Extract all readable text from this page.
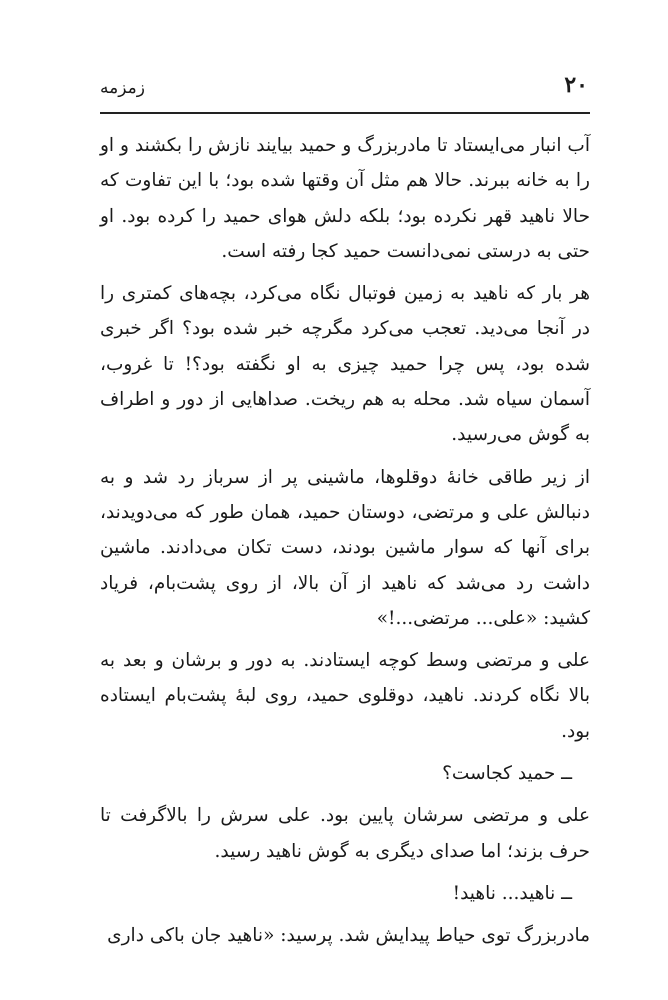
۲۰
زمزمه

آب انبار می‌ایستاد تا مادربزرگ و حمید بیایند نازش را بکشند و او را به خانه ببرند. حالا هم مثل آن وقتها شده بود؛ با این تفاوت که حالا ناهید قهر نکرده بود؛ بلکه دلش هوای حمید را کرده بود. او حتی به درستی نمی‌دانست حمید کجا رفته است.

هر بار که ناهید به زمین فوتبال نگاه می‌کرد، بچه‌های کمتری را در آنجا می‌دید. تعجب می‌کرد مگرچه خبر شده بود؟ اگر خبری شده بود، پس چرا حمید چیزی به او نگفته بود؟! تا غروب، آسمان سیاه شد. محله به هم ریخت. صداهایی از دور و اطراف به گوش می‌رسید.

از زیر طاقی خانهٔ دوقلوها، ماشینی پر از سرباز رد شد و به دنبالش علی و مرتضی، دوستان حمید، همان طور که می‌دویدند، برای آنها که سوار ماشین بودند، دست تکان می‌دادند. ماشین داشت رد می‌شد که ناهید از آن بالا، از روی پشت‌بام، فریاد کشید: «علی... مرتضی...!»

علی و مرتضی وسط کوچه ایستادند. به دور و برشان و بعد به بالا نگاه کردند. ناهید، دوقلوی حمید، روی لبهٔ پشت‌بام ایستاده بود.

ــ حمید کجاست؟

علی و مرتضی سرشان پایین بود. علی سرش را بالاگرفت تا حرف بزند؛ اما صدای دیگری به گوش ناهید رسید.

ــ ناهید... ناهید!

مادربزرگ توی حیاط پیدایش شد. پرسید: «ناهید جان باکی داری
